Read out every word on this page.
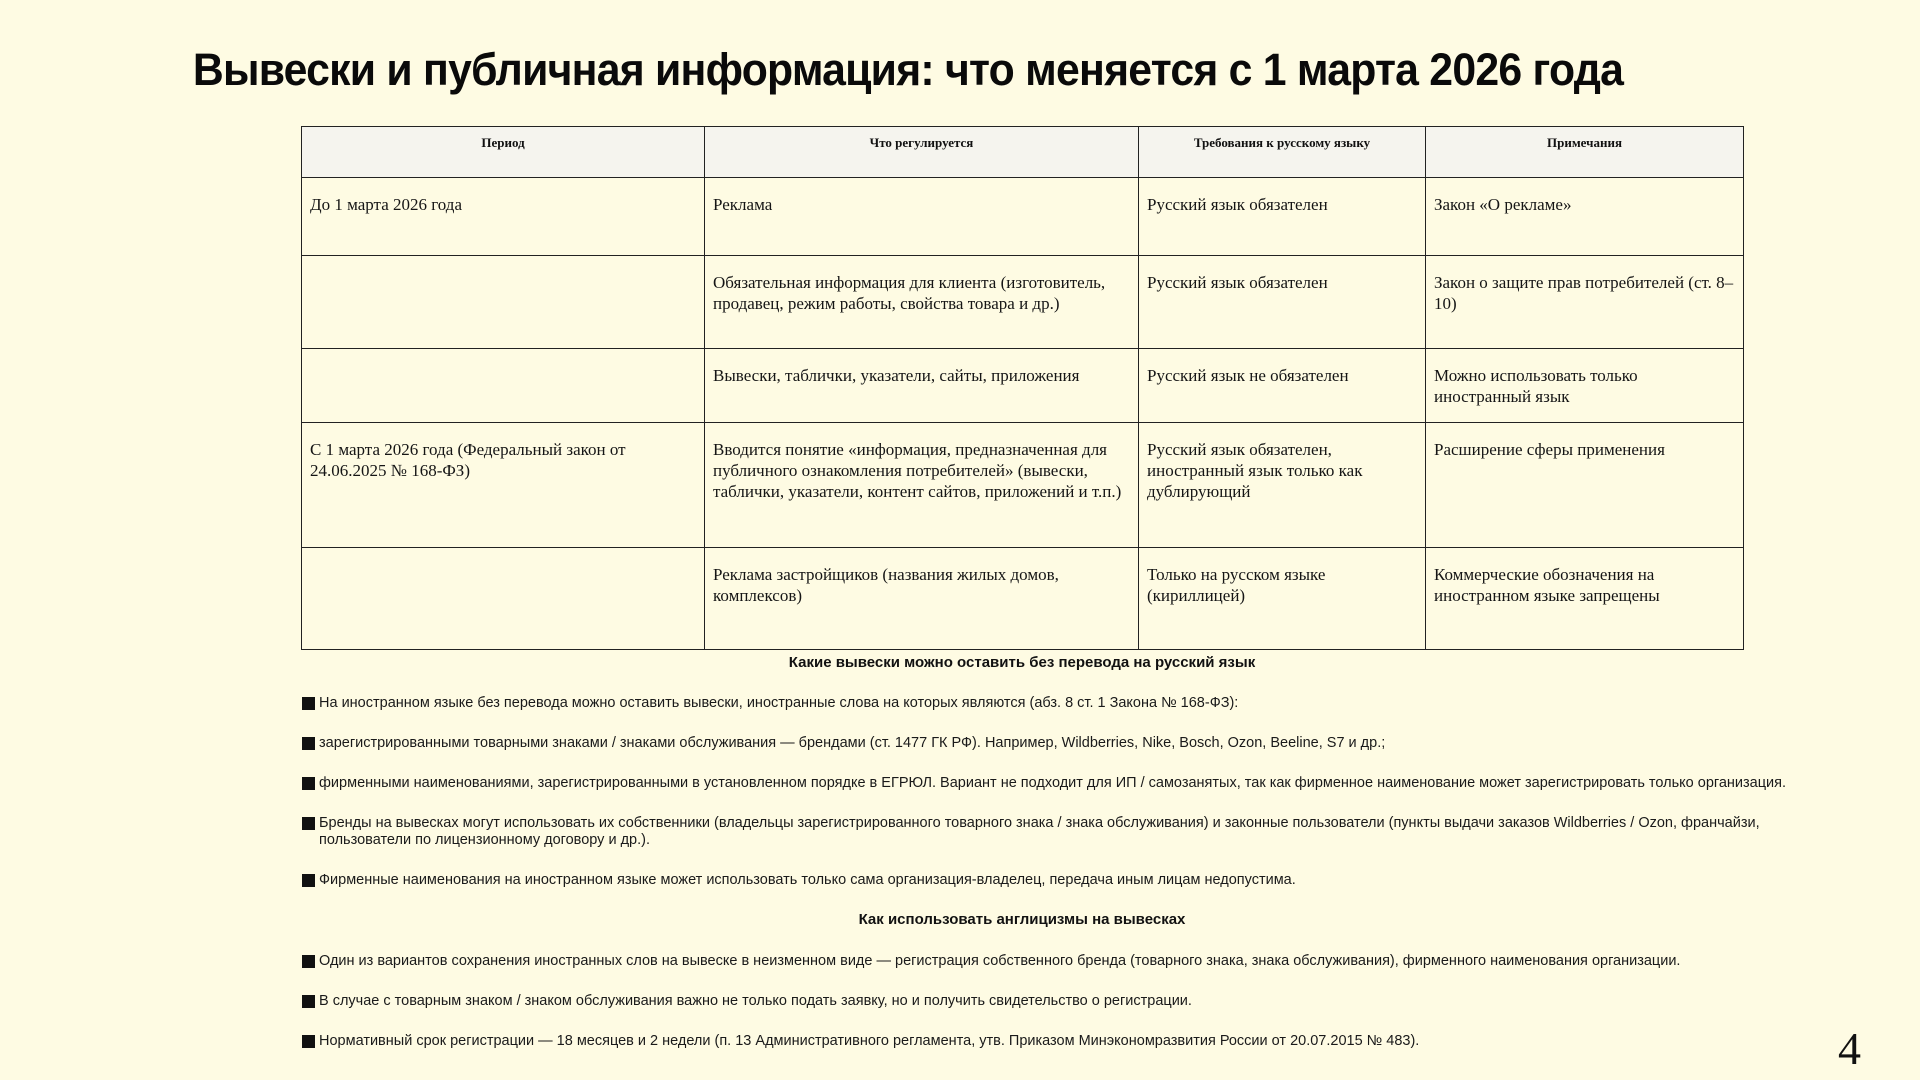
Вывески и публичная информация: что меняется с 1 марта 2026 года
Период	Что регулируется	Требования к русскому языку	Примечания
До 1 марта 2026 года	Реклама	Русский язык обязателен	Закон «О рекламе»
	Обязательная информация для клиента (изготовитель, продавец, режим работы, свойства товара и др.)	Русский язык обязателен	Закон о защите прав потребителей (ст. 8–10)
	Вывески, таблички, указатели, сайты, приложения	Русский язык не обязателен	Можно использовать только иностранный язык
С 1 марта 2026 года (Федеральный закон от 24.06.2025 № 168-ФЗ)	Вводится понятие «информация, предназначенная для публичного ознакомления потребителей» (вывески, таблички, указатели, контент сайтов, приложений и т.п.)	Русский язык обязателен, иностранный язык только как дублирующий	Расширение сферы применения
	Реклама застройщиков (названия жилых домов, комплексов)	Только на русском языке (кириллицей)	Коммерческие обозначения на иностранном языке запрещены
Какие вывески можно оставить без перевода на русский язык
На иностранном языке без перевода можно оставить вывески, иностранные слова на которых являются (абз. 8 ст. 1 Закона № 168-ФЗ):
зарегистрированными товарными знаками / знаками обслуживания — брендами (ст. 1477 ГК РФ). Например, Wildberries, Nike, Bosch, Ozon, Beeline, S7 и др.;
фирменными наименованиями, зарегистрированными в установленном порядке в ЕГРЮЛ. Вариант не подходит для ИП / самозанятых, так как фирменное наименование может зарегистрировать только организация.
Бренды на вывесках могут использовать их собственники (владельцы зарегистрированного товарного знака / знака обслуживания) и законные пользователи (пункты выдачи заказов Wildberries / Ozon, франчайзи, пользователи по лицензионному договору и др.).
Фирменные наименования на иностранном языке может использовать только сама организация-владелец, передача иным лицам недопустима.
Как использовать англицизмы на вывесках
Один из вариантов сохранения иностранных слов на вывеске в неизменном виде — регистрация собственного бренда (товарного знака, знака обслуживания), фирменного наименования организации.
В случае с товарным знаком / знаком обслуживания важно не только подать заявку, но и получить свидетельство о регистрации.
Нормативный срок регистрации — 18 месяцев и 2 недели (п. 13 Административного регламента, утв. Приказом Минэкономразвития России от 20.07.2015 № 483).	4
